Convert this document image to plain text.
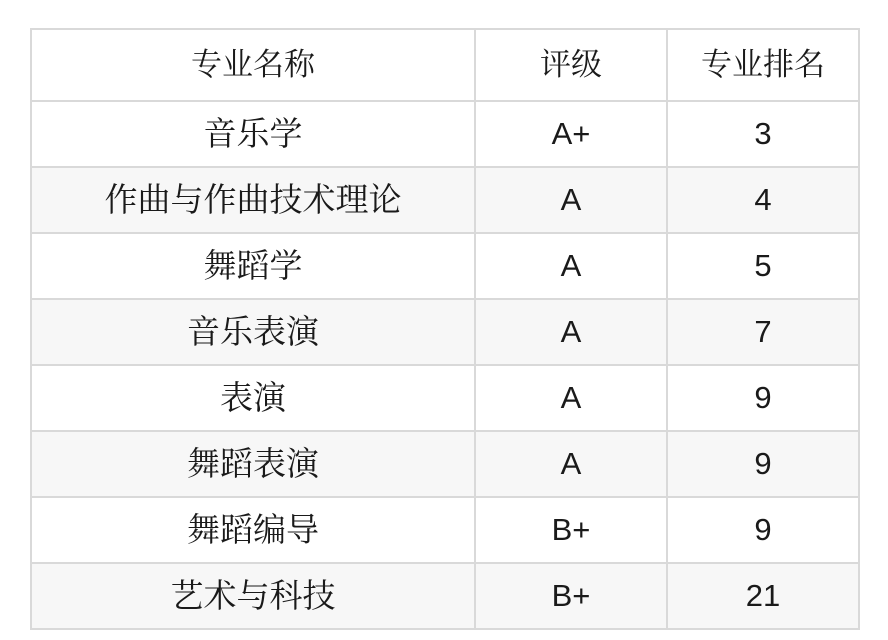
专业名称	评级	专业排名
音乐学	A+	3
作曲与作曲技术理论	A	4
舞蹈学	A	5
音乐表演	A	7
表演	A	9
舞蹈表演	A	9
舞蹈编导	B+	9
艺术与科技	B+	21
